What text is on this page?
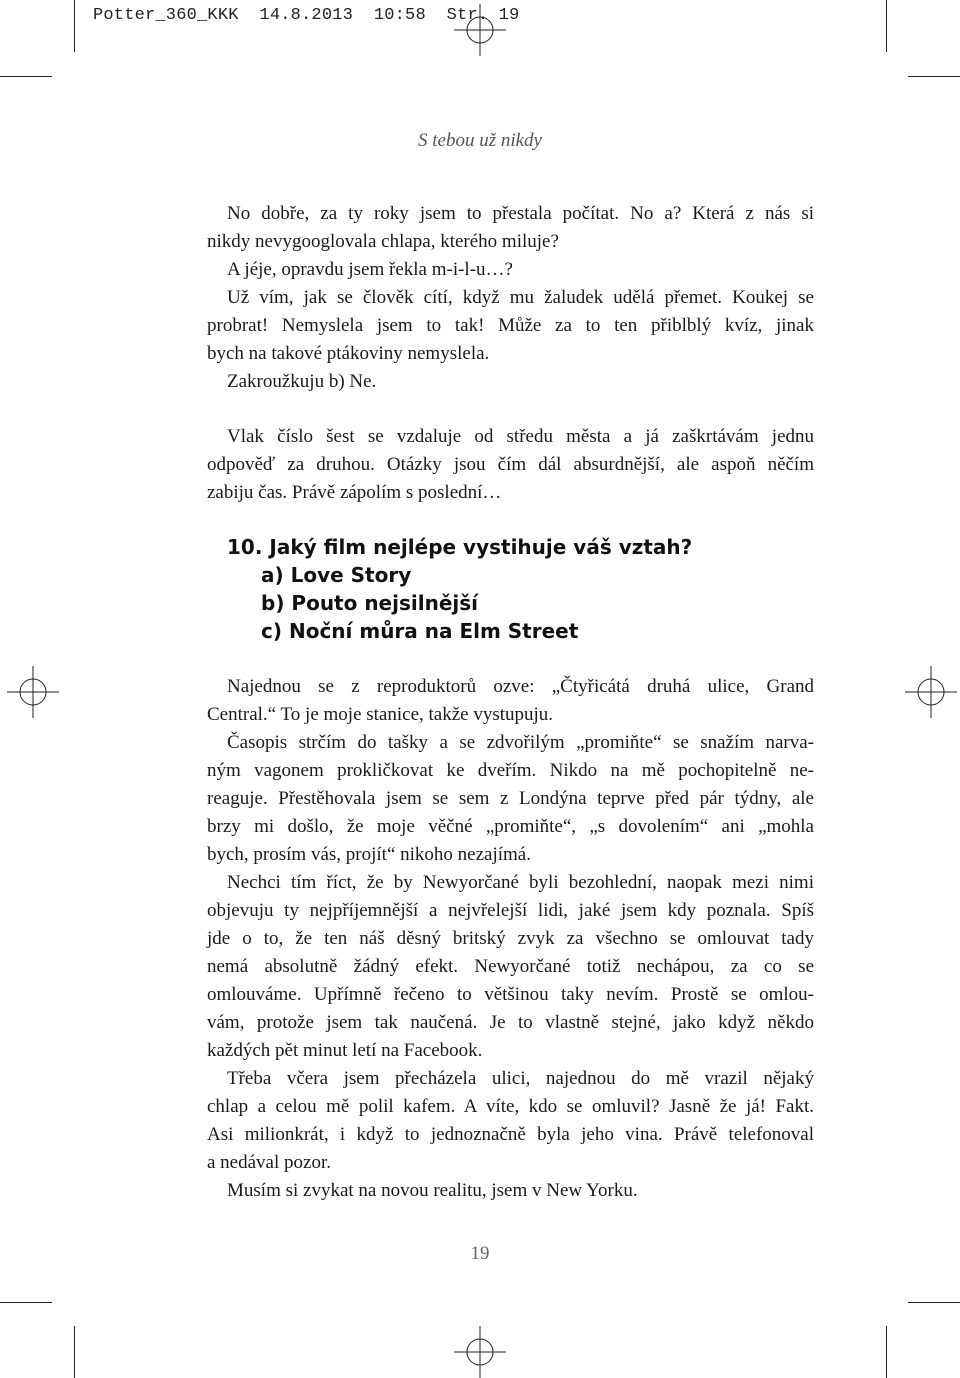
Potter_360_KKK  14.8.2013  10:58  Str. 19
S tebou už nikdy
No dobře, za ty roky jsem to přestala počítat. No a? Která z nás si
nikdy nevygooglovala chlapa, kterého miluje?
A jéje, opravdu jsem řekla m-i-l-u…?
Už vím, jak se člověk cítí, když mu žaludek udělá přemet. Koukej se
probrat! Nemyslela jsem to tak! Může za to ten přiblblý kvíz, jinak
bych na takové ptákoviny nemyslela.
Zakroužkuju b) Ne.
Vlak číslo šest se vzdaluje od středu města a já zaškrtávám jednu
odpověď za druhou. Otázky jsou čím dál absurdnější, ale aspoň něčím
zabiju čas. Právě zápolím s poslední…
10. Jaký film nejlépe vystihuje váš vztah?
a) Love Story
b) Pouto nejsilnější
c) Noční můra na Elm Street
Najednou se z reproduktorů ozve: „Čtyřicátá druhá ulice, Grand
Central.“ To je moje stanice, takže vystupuju.
Časopis strčím do tašky a se zdvořilým „promiňte“ se snažím narva-
ným vagonem prokličkovat ke dveřím. Nikdo na mě pochopitelně ne-
reaguje. Přestěhovala jsem se sem z Londýna teprve před pár týdny, ale
brzy mi došlo, že moje věčné „promiňte“, „s dovolením“ ani „mohla
bych, prosím vás, projít“ nikoho nezajímá.
Nechci tím říct, že by Newyorčané byli bezohlední, naopak mezi nimi
objevuju ty nejpříjemnější a nejvřelejší lidi, jaké jsem kdy poznala. Spíš
jde o to, že ten náš děsný britský zvyk za všechno se omlouvat tady
nemá absolutně žádný efekt. Newyorčané totiž nechápou, za co se
omlouváme. Upřímně řečeno to většinou taky nevím. Prostě se omlou-
vám, protože jsem tak naučená. Je to vlastně stejné, jako když někdo
každých pět minut letí na Facebook.
Třeba včera jsem přecházela ulici, najednou do mě vrazil nějaký
chlap a celou mě polil kafem. A víte, kdo se omluvil? Jasně že já! Fakt.
Asi milionkrát, i když to jednoznačně byla jeho vina. Právě telefonoval
a nedával pozor.
Musím si zvykat na novou realitu, jsem v New Yorku.
19
